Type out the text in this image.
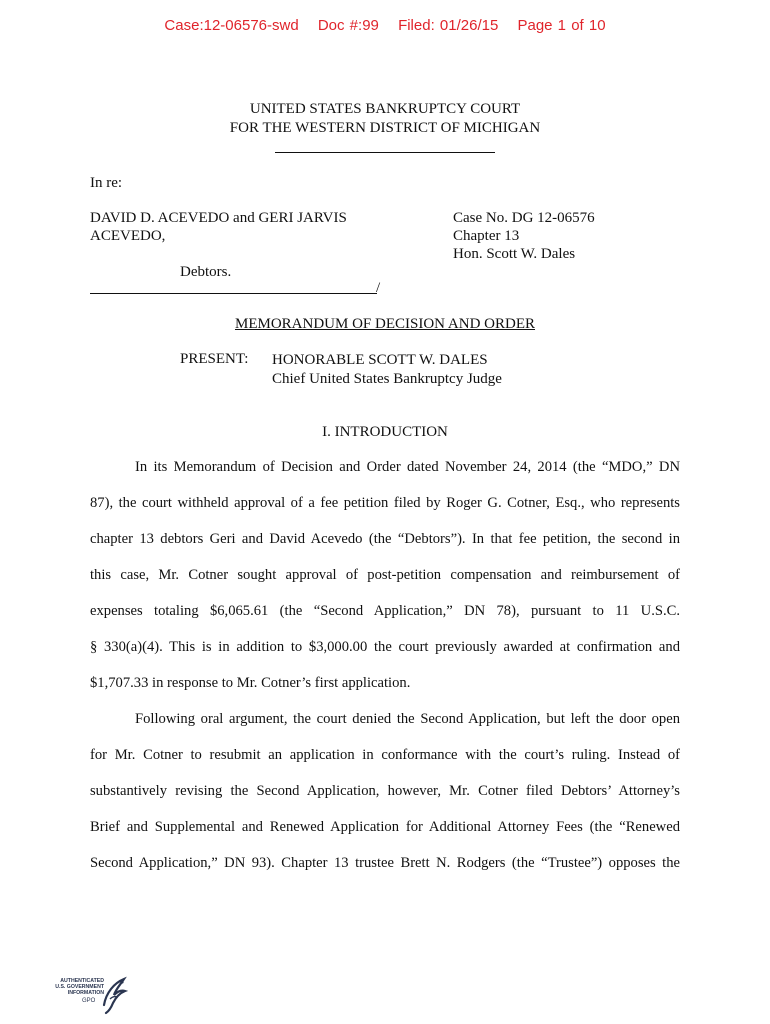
Case:12-06576-swd Doc #:99 Filed: 01/26/15 Page 1 of 10
UNITED STATES BANKRUPTCY COURT
FOR THE WESTERN DISTRICT OF MICHIGAN
In re:
DAVID D. ACEVEDO and GERI JARVIS
ACEVEDO,
Case No. DG 12-06576
Chapter 13
Hon. Scott W. Dales
Debtors.
/
MEMORANDUM OF DECISION AND ORDER
PRESENT: HONORABLE SCOTT W. DALES
Chief United States Bankruptcy Judge
I. INTRODUCTION
In its Memorandum of Decision and Order dated November 24, 2014 (the “MDO,” DN
87), the court withheld approval of a fee petition filed by Roger G. Cotner, Esq., who represents
chapter 13 debtors Geri and David Acevedo (the “Debtors”). In that fee petition, the second in
this case, Mr. Cotner sought approval of post-petition compensation and reimbursement of
expenses totaling $6,065.61 (the “Second Application,” DN 78), pursuant to 11 U.S.C.
§ 330(a)(4). This is in addition to $3,000.00 the court previously awarded at confirmation and
$1,707.33 in response to Mr. Cotner’s first application.
Following oral argument, the court denied the Second Application, but left the door open
for Mr. Cotner to resubmit an application in conformance with the court’s ruling. Instead of
substantively revising the Second Application, however, Mr. Cotner filed Debtors’ Attorney’s
Brief and Supplemental and Renewed Application for Additional Attorney Fees (the “Renewed
Second Application,” DN 93). Chapter 13 trustee Brett N. Rodgers (the “Trustee”) opposes the
AUTHENTICATED
U.S. GOVERNMENT
INFORMATION
GPO
